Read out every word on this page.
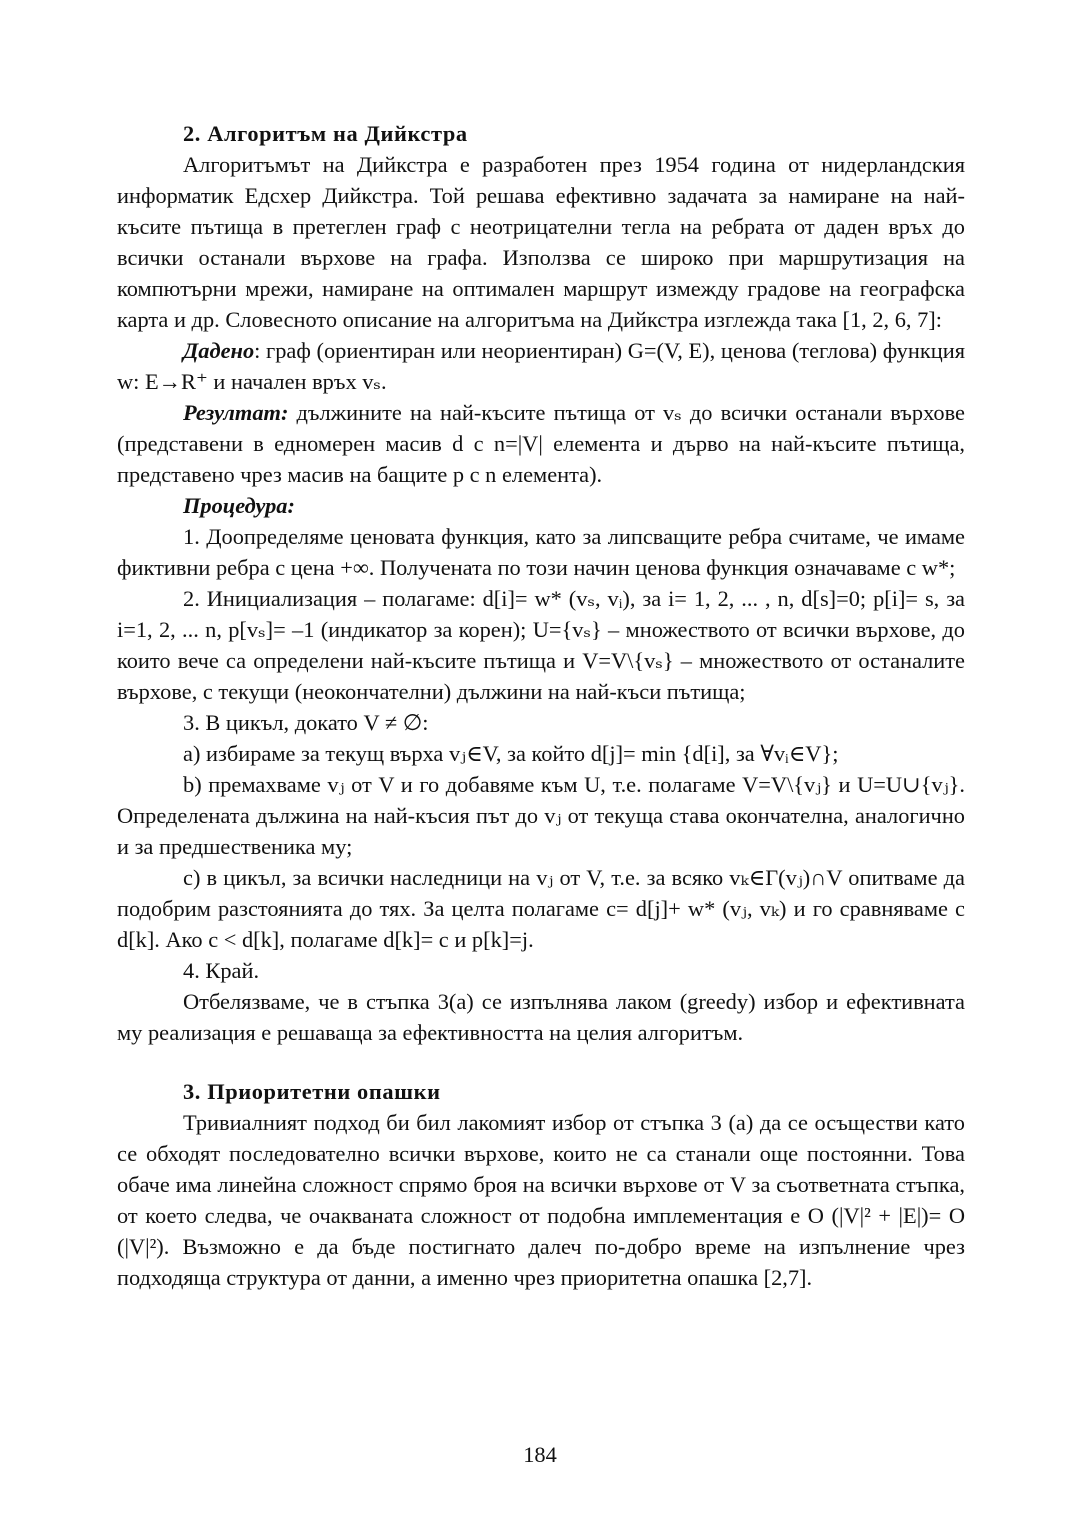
2. Алгоритъм на Дийкстра

Алгоритъмът на Дийкстра е разработен през 1954 година от нидерландския информатик Едсхер Дийкстра. Той решава ефективно задачата за намиране на най-късите пътища в претеглен граф с неотрицателни тегла на ребрата от даден връх до всички останали върхове на графа. Използва се широко при маршрутизация на компютърни мрежи, намиране на оптимален маршрут измежду градове на географска карта и др. Словесното описание на алгоритъма на Дийкстра изглежда така [1, 2, 6, 7]:

Дадено: граф (ориентиран или неориентиран) G=(V, E), ценова (теглова) функция w: E→R⁺ и начален връх vₛ.

Резултат: дължините на най-късите пътища от vₛ до всички останали върхове (представени в едномерен масив d с n=|V| елемента и дърво на най-късите пътища, представено чрез масив на бащите p с n елемента).

Процедура:

1. Доопределяме ценовата функция, като за липсващите ребра считаме, че имаме фиктивни ребра с цена +∞. Получената по този начин ценова функция означаваме с w*;

2. Инициализация – полагаме: d[i]= w* (vₛ, vᵢ), за i= 1, 2, ... , n, d[s]=0; p[i]= s, за i=1, 2, ... n, p[vₛ]= –1 (индикатор за корен); U={vₛ} – множеството от всички върхове, до които вече са определени най-късите пътища и V=V\{vₛ} – множеството от останалите върхове, с текущи (неокончателни) дължини на най-къси пътища;

3. В цикъл, докато V ≠ ∅:

a) избираме за текущ върха vⱼ∈V, за който d[j]= min {d[i], за ∀vᵢ∈V};

b) премахваме vⱼ от V и го добавяме към U, т.е. полагаме V=V\{vⱼ} и U=U∪{vⱼ}. Определената дължина на най-късия път до vⱼ от текуща става окончателна, аналогично и за предшественика му;

c) в цикъл, за всички наследници на vⱼ от V, т.е. за всяко vₖ∈Γ(vⱼ)∩V опитваме да подобрим разстоянията до тях. За целта полагаме c= d[j]+ w* (vⱼ, vₖ) и го сравняваме с d[k]. Ако c < d[k], полагаме d[k]= c и p[k]=j.

4. Край.

Отбелязваме, че в стъпка 3(a) се изпълнява лаком (greedy) избор и ефективната му реализация е решаваща за ефективността на целия алгоритъм.

3. Приоритетни опашки

Тривиалният подход би бил лакомият избор от стъпка 3 (a) да се осъществи като се обходят последователно всички върхове, които не са станали още постоянни. Това обаче има линейна сложност спрямо броя на всички върхове от V за съответната стъпка, от което следва, че очакваната сложност от подобна имплементация е O (|V|² + |E|)= O (|V|²). Възможно е да бъде постигнато далеч по-добро време на изпълнение чрез подходяща структура от данни, а именно чрез приоритетна опашка [2,7].

184
